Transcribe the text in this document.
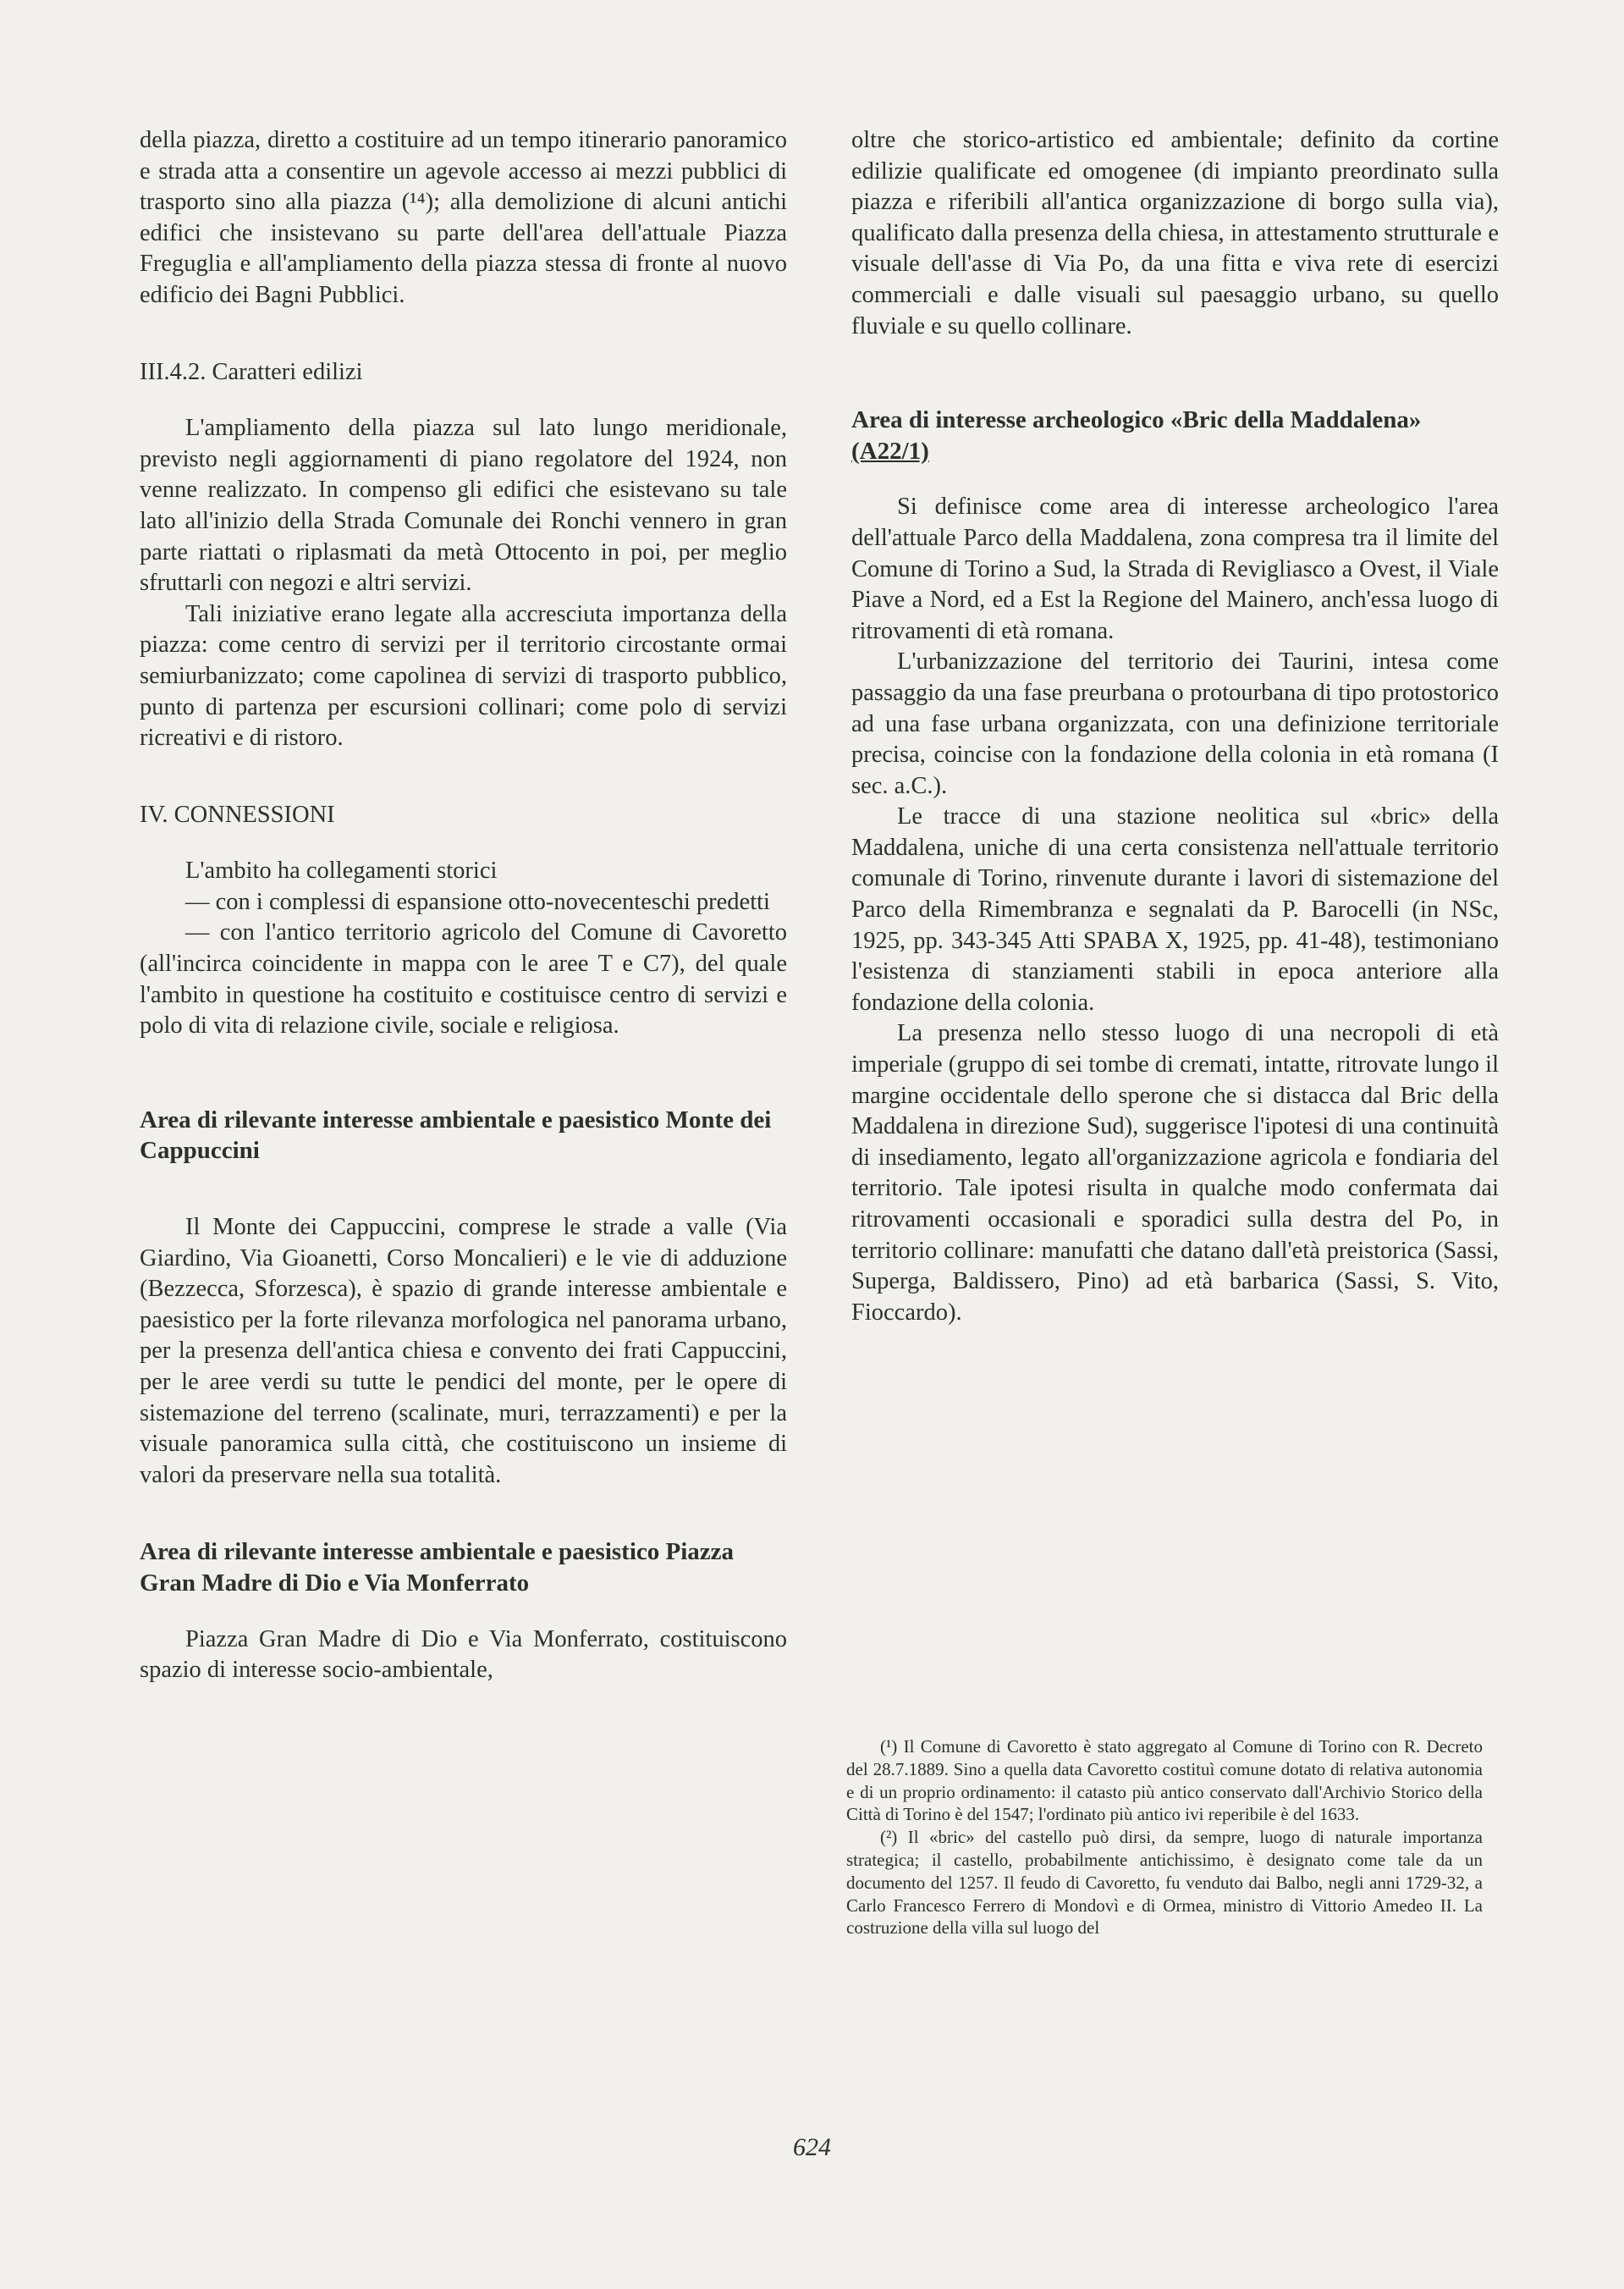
della piazza, diretto a costituire ad un tempo itinerario panoramico e strada atta a consentire un agevole accesso ai mezzi pubblici di trasporto sino alla piazza (¹⁴); alla demolizione di alcuni antichi edifici che insistevano su parte dell'area dell'attuale Piazza Freguglia e all'ampliamento della piazza stessa di fronte al nuovo edificio dei Bagni Pubblici.

III.4.2. Caratteri edilizi

L'ampliamento della piazza sul lato lungo meridionale, previsto negli aggiornamenti di piano regolatore del 1924, non venne realizzato. In compenso gli edifici che esistevano su tale lato all'inizio della Strada Comunale dei Ronchi vennero in gran parte riattati o riplasmati da metà Ottocento in poi, per meglio sfruttarli con negozi e altri servizi.

Tali iniziative erano legate alla accresciuta importanza della piazza: come centro di servizi per il territorio circostante ormai semiurbanizzato; come capolinea di servizi di trasporto pubblico, punto di partenza per escursioni collinari; come polo di servizi ricreativi e di ristoro.

IV. CONNESSIONI

L'ambito ha collegamenti storici

— con i complessi di espansione otto-novecenteschi predetti

— con l'antico territorio agricolo del Comune di Cavoretto (all'incirca coincidente in mappa con le aree T e C7), del quale l'ambito in questione ha costituito e costituisce centro di servizi e polo di vita di relazione civile, sociale e religiosa.

Area di rilevante interesse ambientale e paesistico Monte dei Cappuccini

Il Monte dei Cappuccini, comprese le strade a valle (Via Giardino, Via Gioanetti, Corso Moncalieri) e le vie di adduzione (Bezzecca, Sforzesca), è spazio di grande interesse ambientale e paesistico per la forte rilevanza morfologica nel panorama urbano, per la presenza dell'antica chiesa e convento dei frati Cappuccini, per le aree verdi su tutte le pendici del monte, per le opere di sistemazione del terreno (scalinate, muri, terrazzamenti) e per la visuale panoramica sulla città, che costituiscono un insieme di valori da preservare nella sua totalità.

Area di rilevante interesse ambientale e paesistico Piazza Gran Madre di Dio e Via Monferrato

Piazza Gran Madre di Dio e Via Monferrato, costituiscono spazio di interesse socio-ambientale,

oltre che storico-artistico ed ambientale; definito da cortine edilizie qualificate ed omogenee (di impianto preordinato sulla piazza e riferibili all'antica organizzazione di borgo sulla via), qualificato dalla presenza della chiesa, in attestamento strutturale e visuale dell'asse di Via Po, da una fitta e viva rete di esercizi commerciali e dalle visuali sul paesaggio urbano, su quello fluviale e su quello collinare.

Area di interesse archeologico «Bric della Maddalena» (A22/1)

Si definisce come area di interesse archeologico l'area dell'attuale Parco della Maddalena, zona compresa tra il limite del Comune di Torino a Sud, la Strada di Revigliasco a Ovest, il Viale Piave a Nord, ed a Est la Regione del Mainero, anch'essa luogo di ritrovamenti di età romana.

L'urbanizzazione del territorio dei Taurini, intesa come passaggio da una fase preurbana o protourbana di tipo protostorico ad una fase urbana organizzata, con una definizione territoriale precisa, coincise con la fondazione della colonia in età romana (I sec. a.C.).

Le tracce di una stazione neolitica sul «bric» della Maddalena, uniche di una certa consistenza nell'attuale territorio comunale di Torino, rinvenute durante i lavori di sistemazione del Parco della Rimembranza e segnalati da P. Barocelli (in NSc, 1925, pp. 343-345 Atti SPABA X, 1925, pp. 41-48), testimoniano l'esistenza di stanziamenti stabili in epoca anteriore alla fondazione della colonia.

La presenza nello stesso luogo di una necropoli di età imperiale (gruppo di sei tombe di cremati, intatte, ritrovate lungo il margine occidentale dello sperone che si distacca dal Bric della Maddalena in direzione Sud), suggerisce l'ipotesi di una continuità di insediamento, legato all'organizzazione agricola e fondiaria del territorio. Tale ipotesi risulta in qualche modo confermata dai ritrovamenti occasionali e sporadici sulla destra del Po, in territorio collinare: manufatti che datano dall'età preistorica (Sassi, Superga, Baldissero, Pino) ad età barbarica (Sassi, S. Vito, Fioccardo).

(¹) Il Comune di Cavoretto è stato aggregato al Comune di Torino con R. Decreto del 28.7.1889. Sino a quella data Cavoretto costituì comune dotato di relativa autonomia e di un proprio ordinamento: il catasto più antico conservato dall'Archivio Storico della Città di Torino è del 1547; l'ordinato più antico ivi reperibile è del 1633.

(²) Il «bric» del castello può dirsi, da sempre, luogo di naturale importanza strategica; il castello, probabilmente antichissimo, è designato come tale da un documento del 1257. Il feudo di Cavoretto, fu venduto dai Balbo, negli anni 1729-32, a Carlo Francesco Ferrero di Mondovì e di Ormea, ministro di Vittorio Amedeo II. La costruzione della villa sul luogo del

624
